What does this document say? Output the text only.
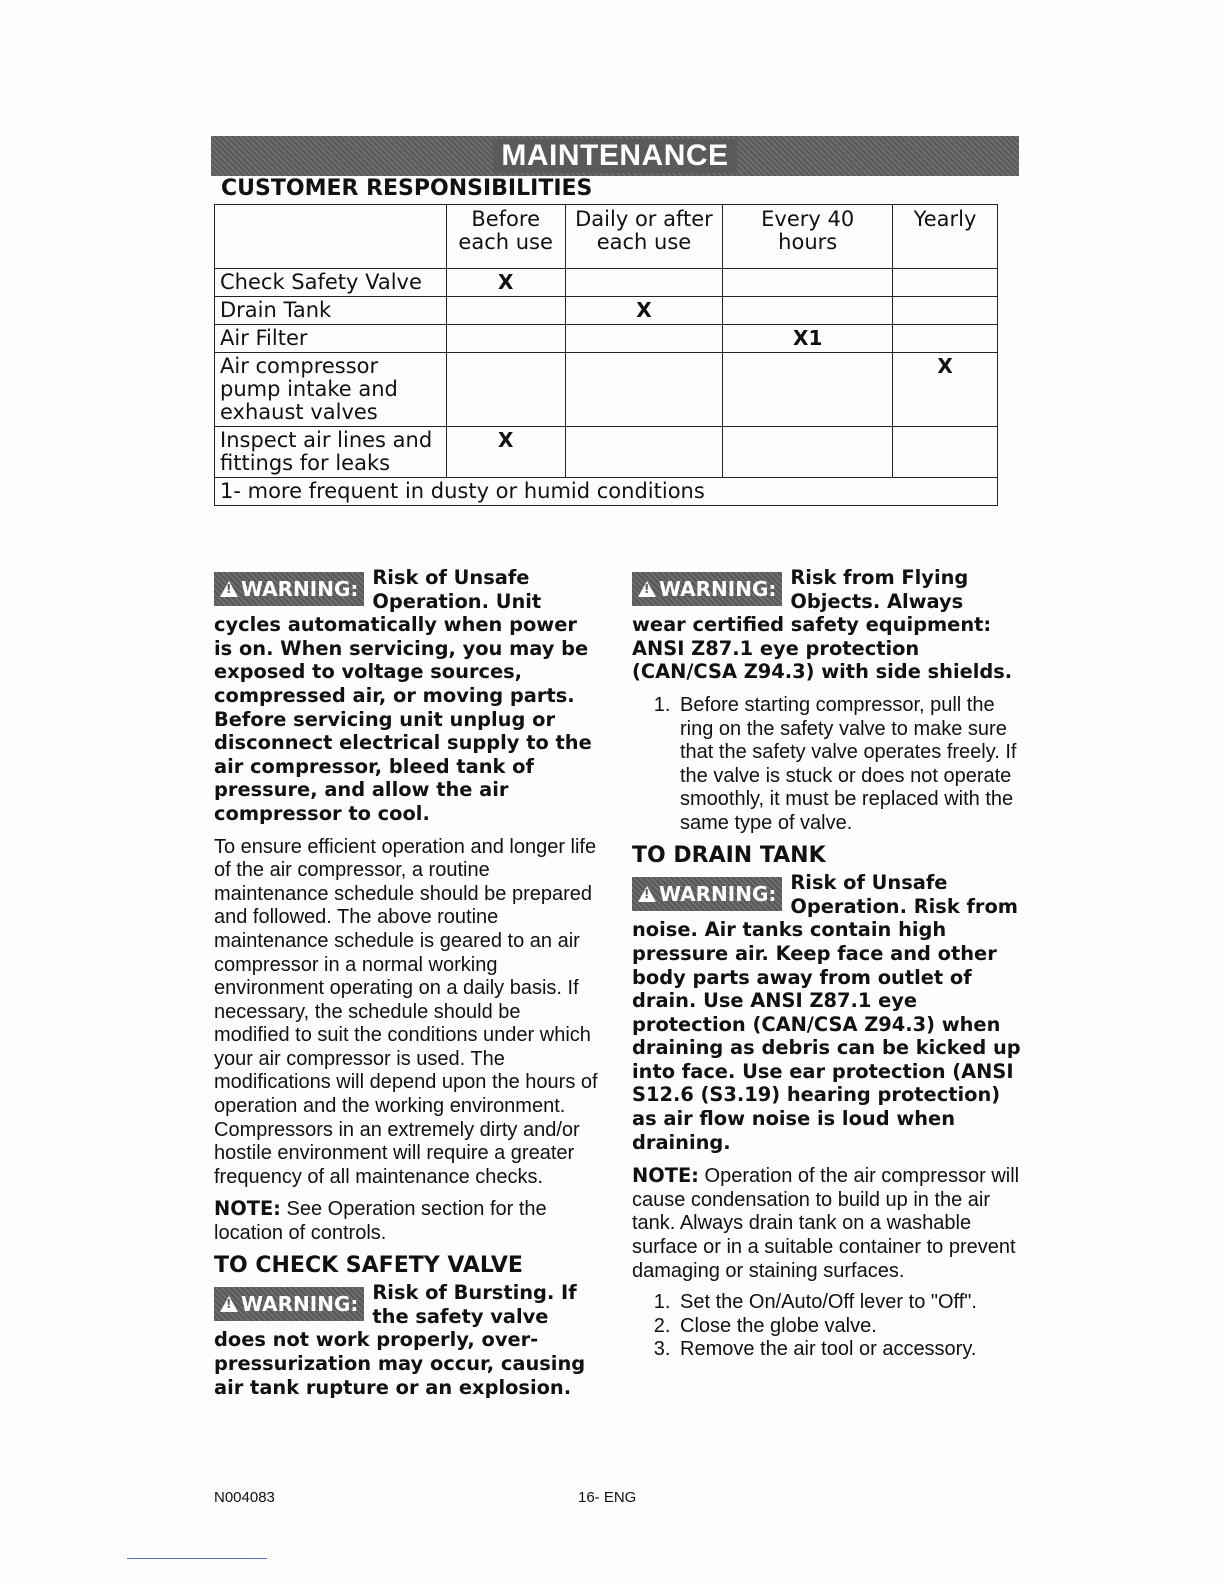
MAINTENANCE
CUSTOMER RESPONSIBILITIES
	Before each use	Daily or after each use	Every 40 hours	Yearly
Check Safety Valve	X			
Drain Tank		X		
Air Filter			X1	
Air compressor pump intake and exhaust valves				X
Inspect air lines and fittings for leaks	X			
1- more frequent in dusty or humid conditions				
!
WARNING: Risk of Unsafe Operation. Unit cycles automatically when power is on. When servicing, you may be exposed to voltage sources, compressed air, or moving parts. Before servicing unit unplug or disconnect electrical supply to the air compressor, bleed tank of pressure, and allow the air compressor to cool.

To ensure efficient operation and longer life of the air compressor, a routine maintenance schedule should be prepared and followed. The above routine maintenance schedule is geared to an air compressor in a normal working environment operating on a daily basis. If necessary, the schedule should be modified to suit the conditions under which your air compressor is used. The modifications will depend upon the hours of operation and the working environment. Compressors in an extremely dirty and/or hostile environment will require a greater frequency of all maintenance checks.

NOTE: See Operation section for the location of controls.

TO CHECK SAFETY VALVE
!
WARNING: Risk of Bursting. If the safety valve does not work properly, over-pressurization may occur, causing air tank rupture or an explosion.
!
WARNING: Risk from Flying Objects. Always wear certified safety equipment: ANSI Z87.1 eye protection (CAN/CSA Z94.3) with side shields.
1. Before starting compressor, pull the ring on the safety valve to make sure that the safety valve operates freely. If the valve is stuck or does not operate smoothly, it must be replaced with the same type of valve.
TO DRAIN TANK
!
WARNING: Risk of Unsafe Operation. Risk from noise. Air tanks contain high pressure air. Keep face and other body parts away from outlet of drain. Use ANSI Z87.1 eye protection (CAN/CSA Z94.3) when draining as debris can be kicked up into face. Use ear protection (ANSI S12.6 (S3.19) hearing protection) as air flow noise is loud when draining.

NOTE: Operation of the air compressor will cause condensation to build up in the air tank. Always drain tank on a washable surface or in a suitable container to prevent damaging or staining surfaces.

1. Set the On/Auto/Off lever to "Off".
2. Close the globe valve.
3. Remove the air tool or accessory.
N004083	16- ENG
